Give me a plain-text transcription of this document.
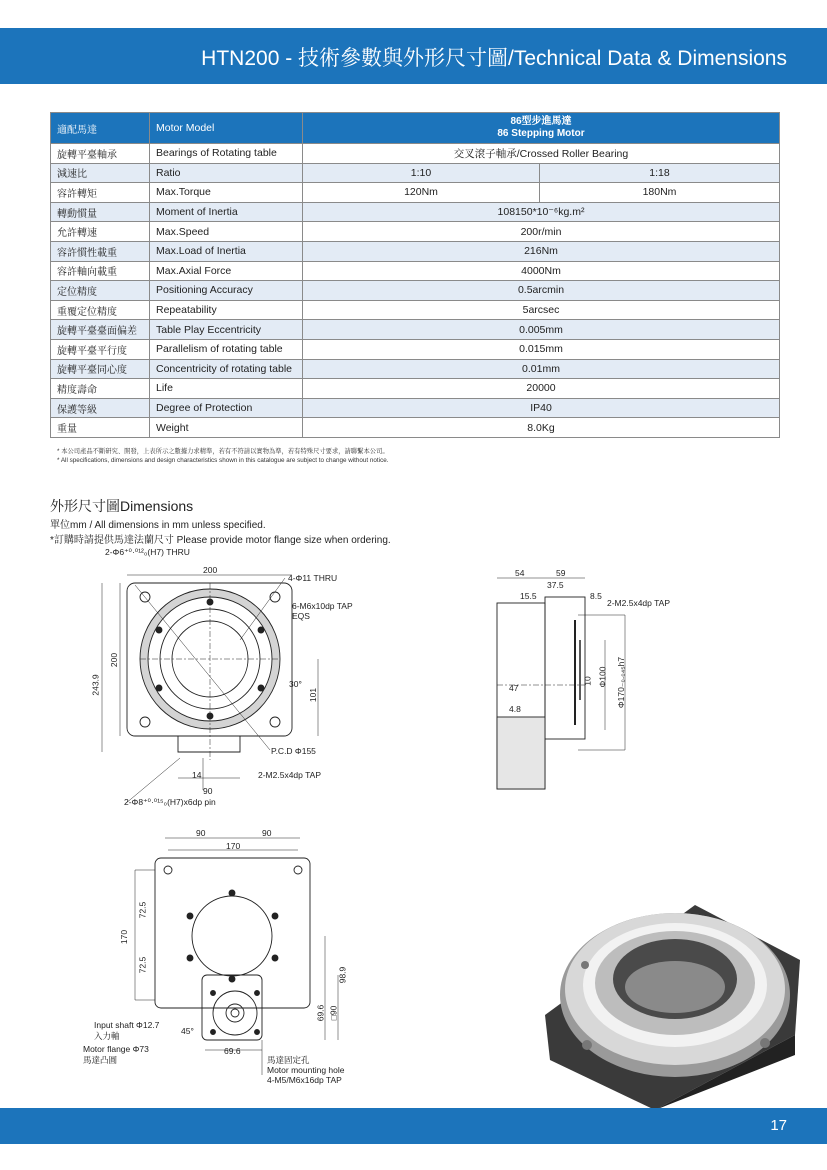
HTN200 - 技術參數與外形尺寸圖/Technical Data & Dimensions
適配馬達	Motor Model	86型步進馬達
86 Stepping Motor	

旋轉平臺軸承	Bearings of Rotating table	交叉滾子軸承/Crossed Roller Bearing	
減速比	Ratio	1:10	1:18
容許轉矩	Max.Torque	120Nm	180Nm
轉動慣量	Moment of Inertia	108150*10⁻⁶kg.m²	
允許轉速	Max.Speed	200r/min	
容許慣性載重	Max.Load of Inertia	216Nm	
容許軸向載重	Max.Axial Force	4000Nm	
定位精度	Positioning Accuracy	0.5arcmin	
重覆定位精度	Repeatability	5arcsec	
旋轉平臺臺面偏差	Table Play Eccentricity	0.005mm	
旋轉平臺平行度	Parallelism of rotating table	0.015mm	
旋轉平臺同心度	Concentricity of rotating table	0.01mm	
精度壽命	Life	20000	
保護等級	Degree of Protection	IP40	
重量	Weight	8.0Kg	
* 本公司產品不斷研究、開發，上表所示之數據力求精準，若有不符請以實物為準，若有特殊尺寸要求，請聯繫本公司。
* All specifications, dimensions and design characteristics shown in this catalogue are subject to change without notice.
外形尺寸圖Dimensions
單位mm / All dimensions in mm unless specified.
*訂購時請提供馬達法蘭尺寸 Please provide motor flange size when ordering.
2-Φ6⁺⁰·⁰¹²₀(H7) THRU
200
4-Φ11 THRU
6-M6x10dp TAP
EQS
243.9
200
30°
101
P.C.D Φ155
14	2-M2.5x4dp TAP
90
2-Φ8⁺⁰·⁰¹⁵₀(H7)x6dp pin
54	59
37.5
15.5	8.5
2-M2.5x4dp TAP
47
4.8
10 Φ100 Φ170₋₀.₀₄₅h7
90	90
170
72.5
170
72.5
98.9
69.6 □90
Input shaft Φ12.7
入力軸	45°
Motor flange Φ73
馬達凸圓
69.6
馬達固定孔
Motor mounting hole
4-M5/M6x16dp TAP
17
